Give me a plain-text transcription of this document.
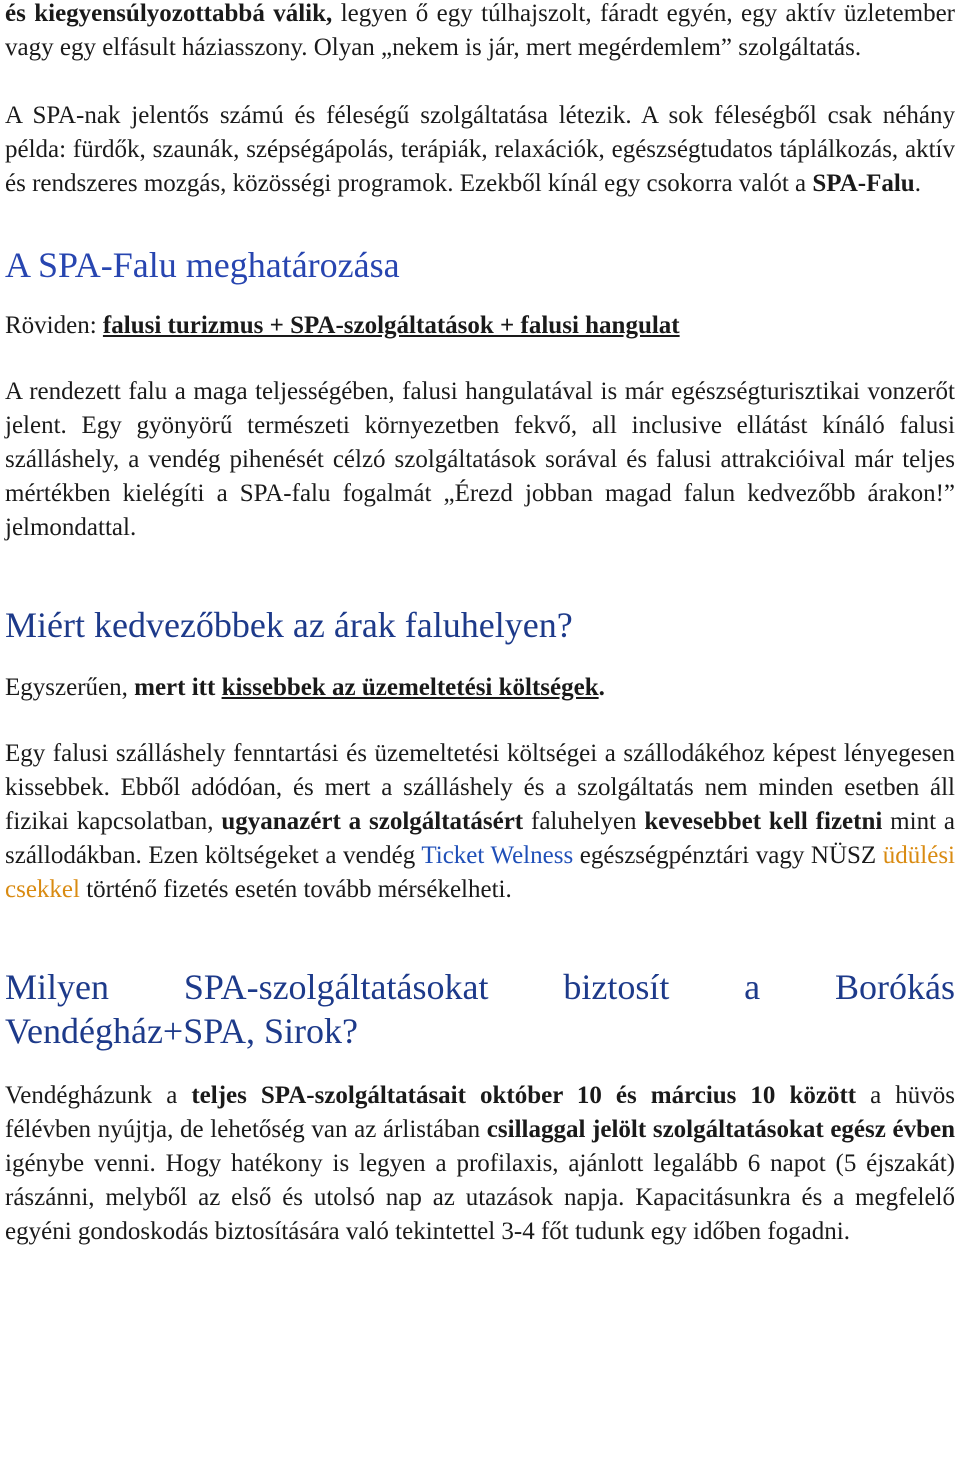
és kiegyensúlyozottabbá válik, legyen ő egy túlhajszolt, fáradt egyén, egy aktív üzletember vagy egy elfásult háziasszony. Olyan „nekem is jár, mert megérdemlem” szolgáltatás.

A SPA-nak jelentős számú és féleségű szolgáltatása létezik. A sok féleségből csak néhány példa: fürdők, szaunák, szépségápolás, terápiák, relaxációk, egészségtudatos táplálkozás, aktív és rendszeres mozgás, közösségi programok. Ezekből kínál egy csokorra valót a SPA-Falu.

A SPA-Falu meghatározása

Röviden: falusi turizmus + SPA-szolgáltatások + falusi hangulat

A rendezett falu a maga teljességében, falusi hangulatával is már egészségturisztikai vonzerőt jelent. Egy gyönyörű természeti környezetben fekvő, all inclusive ellátást kínáló falusi szálláshely, a vendég pihenését célzó szolgáltatások sorával és falusi attrakcióival már teljes mértékben kielégíti a SPA-falu fogalmát „Érezd jobban magad falun kedvezőbb árakon!” jelmondattal.

Miért kedvezőbbek az árak faluhelyen?

Egyszerűen, mert itt kissebbek az üzemeltetési költségek.

Egy falusi szálláshely fenntartási és üzemeltetési költségei a szállodákéhoz képest lényegesen kissebbek. Ebből adódóan, és mert a szálláshely és a szolgáltatás nem minden esetben áll fizikai kapcsolatban, ugyanazért a szolgáltatásért faluhelyen kevesebbet kell fizetni mint a szállodákban. Ezen költségeket a vendég Ticket Welness egészségpénztári vagy NÜSZ üdülési csekkel történő fizetés esetén tovább mérsékelheti.

Milyen SPA-szolgáltatásokat biztosít a Borókás
Vendégház+SPA, Sirok?

Vendégházunk a teljes SPA-szolgáltatásait október 10 és március 10 között a hüvös félévben nyújtja, de lehetőség van az árlistában csillaggal jelölt szolgáltatásokat egész évben igénybe venni. Hogy hatékony is legyen a profilaxis, ajánlott legalább 6 napot (5 éjszakát) rászánni, melyből az első és utolsó nap az utazások napja. Kapacitásunkra és a megfelelő egyéni gondoskodás biztosítására való tekintettel 3-4 főt tudunk egy időben fogadni.
